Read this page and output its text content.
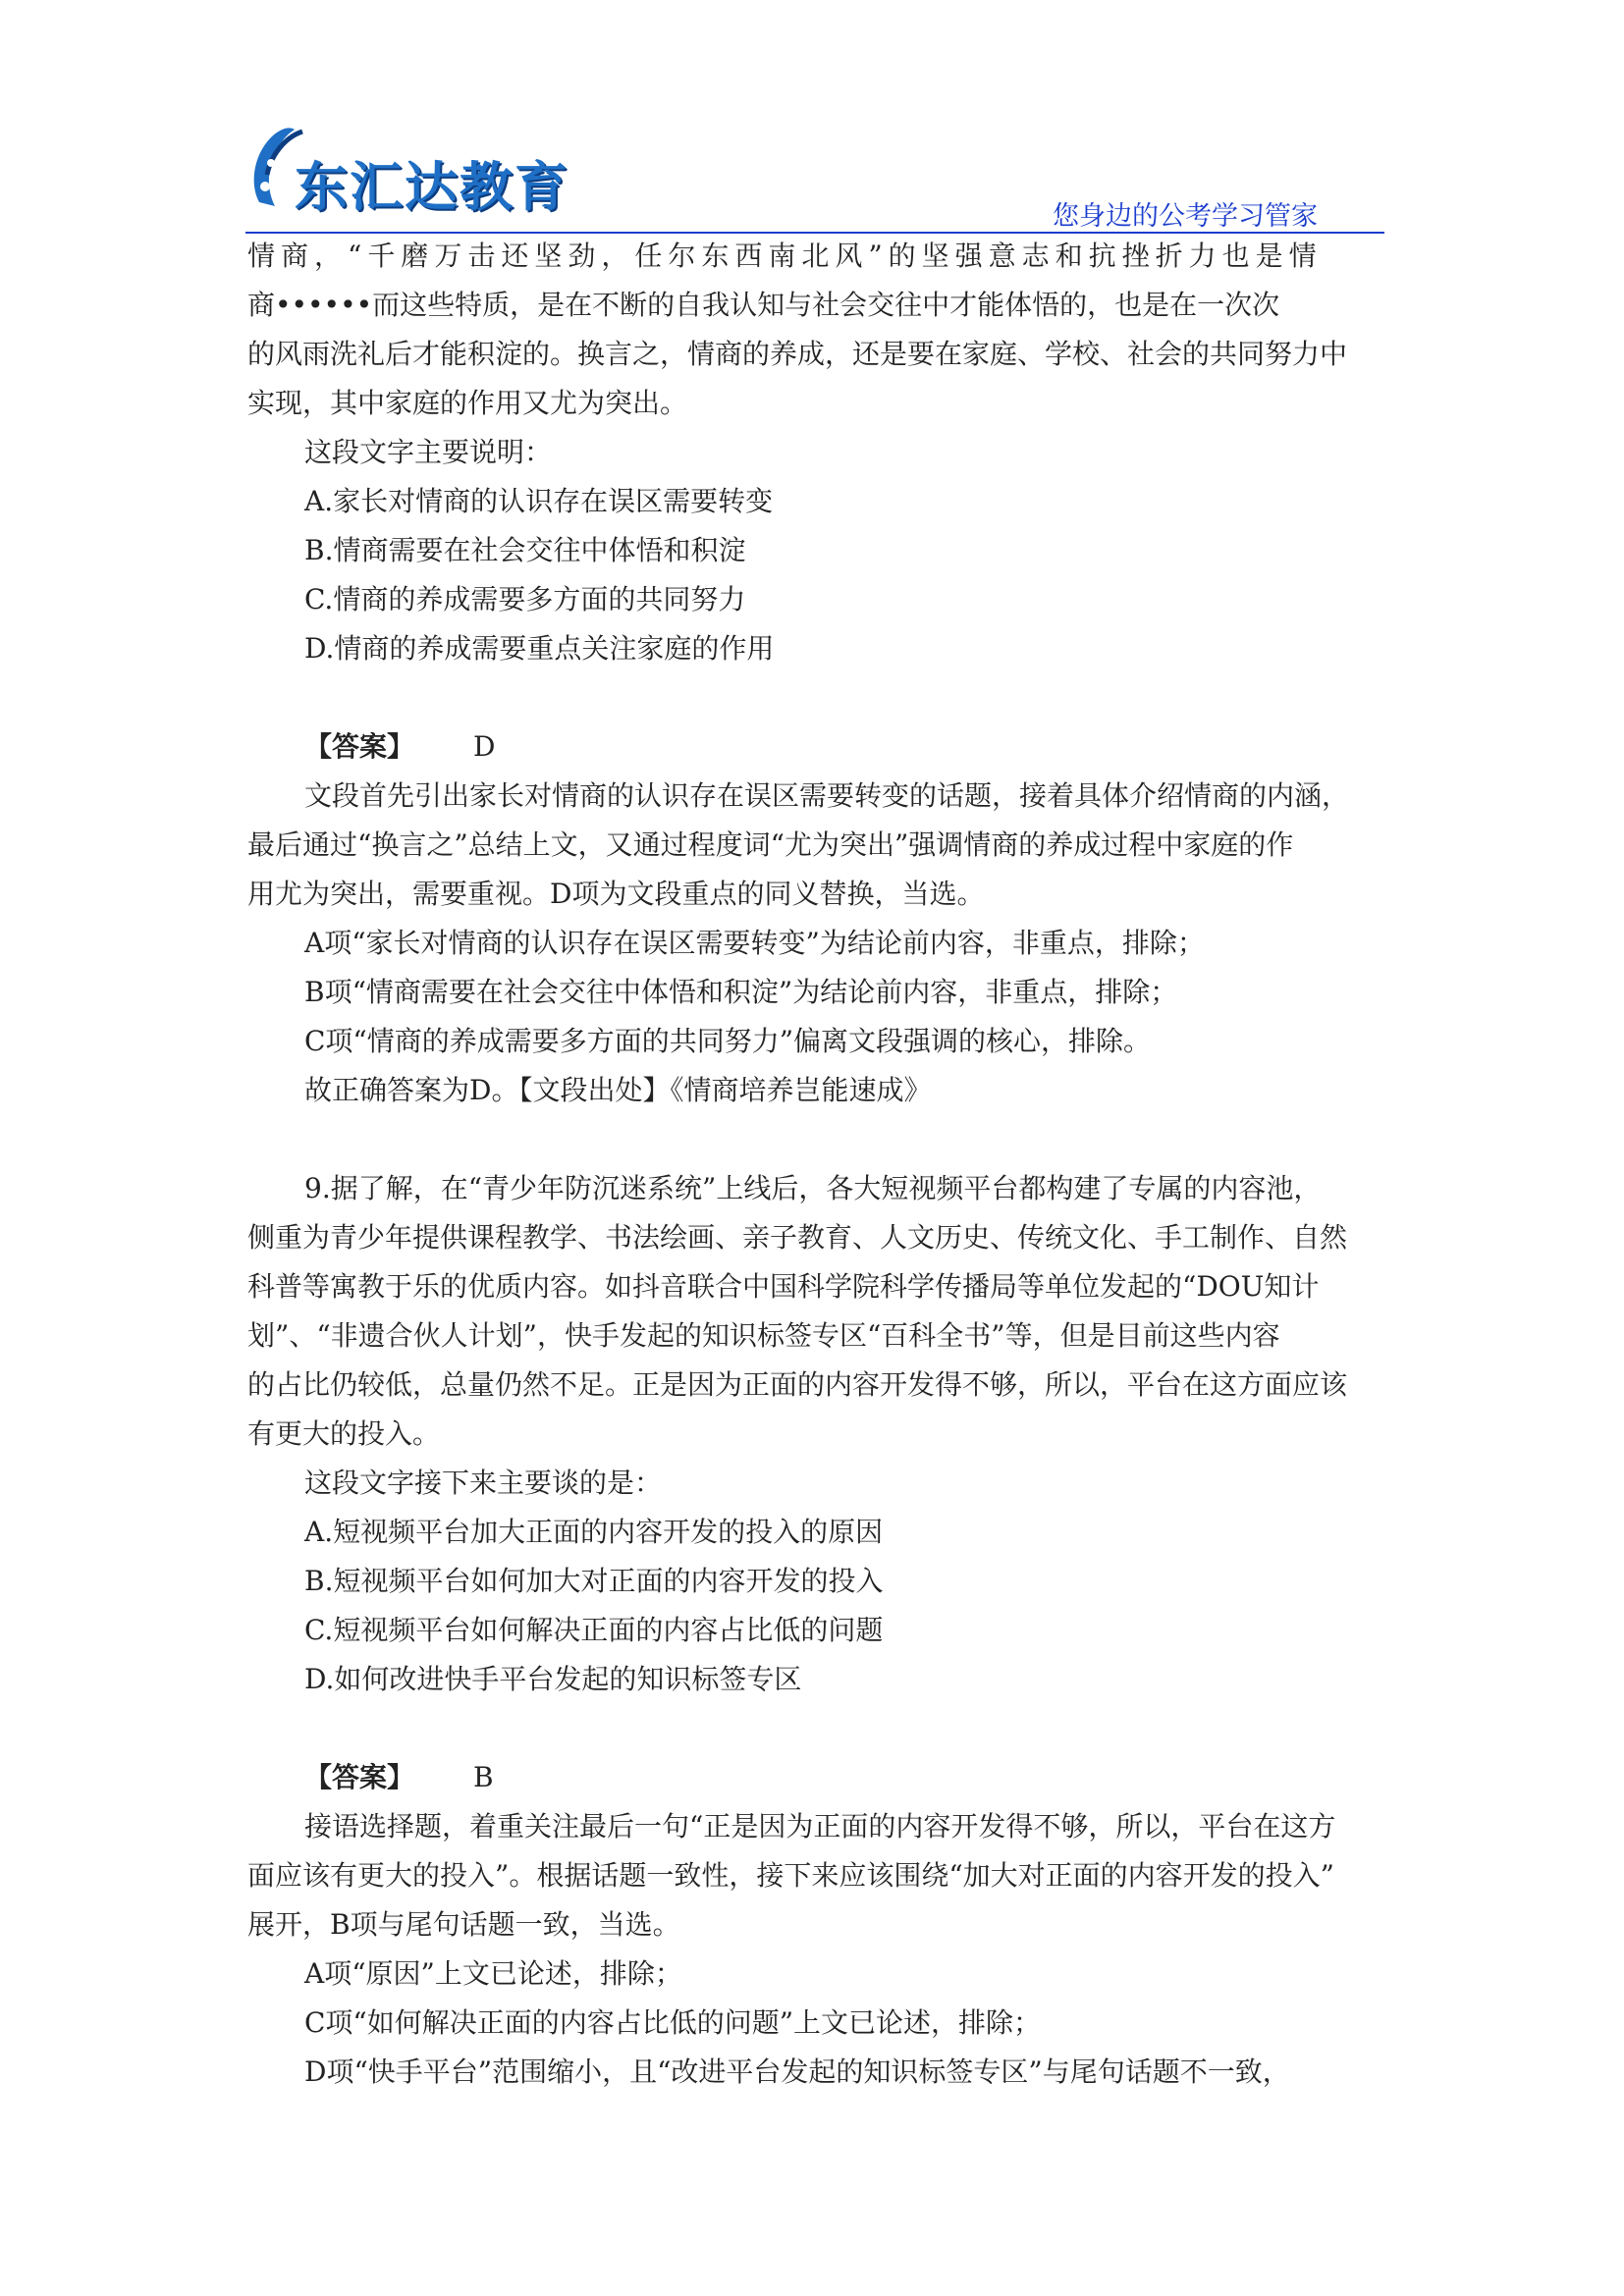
东汇达教育	您身边的公考学习管家

情商，“千磨万击还坚劲，任尔东西南北风”的坚强意志和抗挫折力也是情

商••••••而这些特质，是在不断的自我认知与社会交往中才能体悟的，也是在一次次

的风雨洗礼后才能积淀的。换言之，情商的养成，还是要在家庭、学校、社会的共同努力中

实现，其中家庭的作用又尤为突出。

这段文字主要说明：

A.家长对情商的认识存在误区需要转变

B.情商需要在社会交往中体悟和积淀

C.情商的养成需要多方面的共同努力

D.情商的养成需要重点关注家庭的作用

【答案】 D

文段首先引出家长对情商的认识存在误区需要转变的话题，接着具体介绍情商的内涵，

最后通过“换言之”总结上文，又通过程度词“尤为突出”强调情商的养成过程中家庭的作

用尤为突出，需要重视。D项为文段重点的同义替换，当选。

A项“家长对情商的认识存在误区需要转变”为结论前内容，非重点，排除；

B项“情商需要在社会交往中体悟和积淀”为结论前内容，非重点，排除；

C项“情商的养成需要多方面的共同努力”偏离文段强调的核心，排除。

故正确答案为D。【文段出处】《情商培养岂能速成》

9.据了解，在“青少年防沉迷系统”上线后，各大短视频平台都构建了专属的内容池，

侧重为青少年提供课程教学、书法绘画、亲子教育、人文历史、传统文化、手工制作、自然

科普等寓教于乐的优质内容。如抖音联合中国科学院科学传播局等单位发起的“DOU知计

划”、“非遗合伙人计划”，快手发起的知识标签专区“百科全书”等，但是目前这些内容

的占比仍较低，总量仍然不足。正是因为正面的内容开发得不够，所以，平台在这方面应该

有更大的投入。

这段文字接下来主要谈的是：

A.短视频平台加大正面的内容开发的投入的原因

B.短视频平台如何加大对正面的内容开发的投入

C.短视频平台如何解决正面的内容占比低的问题

D.如何改进快手平台发起的知识标签专区

【答案】 B

接语选择题，着重关注最后一句“正是因为正面的内容开发得不够，所以，平台在这方

面应该有更大的投入”。根据话题一致性，接下来应该围绕“加大对正面的内容开发的投入”

展开，B项与尾句话题一致，当选。

A项“原因”上文已论述，排除；

C项“如何解决正面的内容占比低的问题”上文已论述，排除；

D项“快手平台”范围缩小，且“改进平台发起的知识标签专区”与尾句话题不一致，
